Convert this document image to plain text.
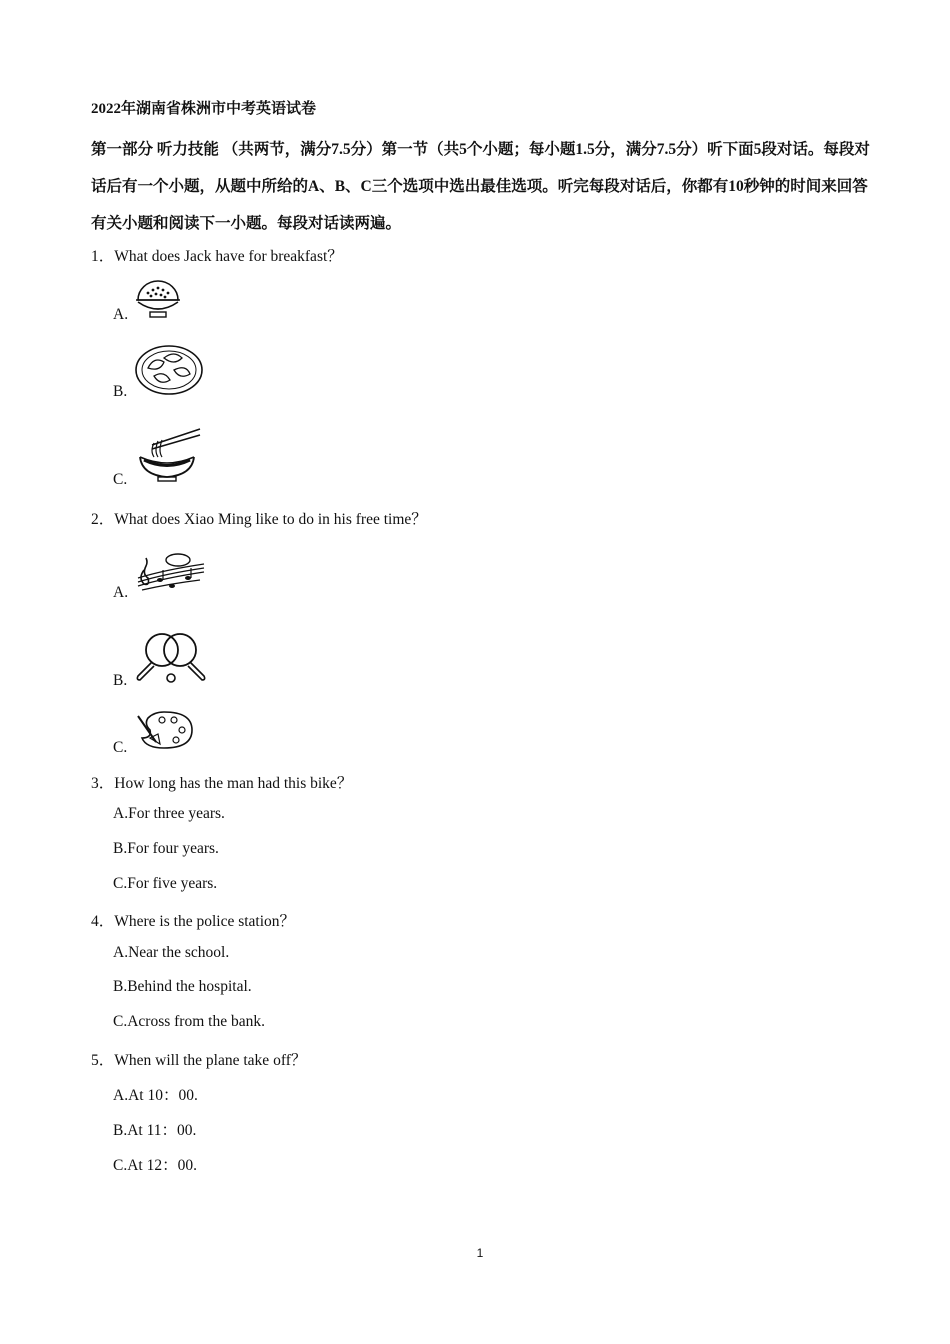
2022年湖南省株洲市中考英语试卷
第一部分 听力技能 （共两节，满分7.5分）第一节（共5个小题；每小题1.5分，满分7.5分）听下面5段对话。每段对话后有一个小题，从题中所给的A、B、C三个选项中选出最佳选项。听完每段对话后，你都有10秒钟的时间来回答有关小题和阅读下一小题。每段对话读两遍。
1．What does Jack have for breakfast？
A.
B.
C.
2．What does Xiao Ming like to do in his free time？
A.
B.
C.
3．How long has the man had this bike？
A.For three years.
B.For four years.
C.For five years.
4．Where is the police station？
A.Near the school.
B.Behind the hospital.
C.Across from the bank.
5．When will the plane take off？
A.At 10：00.
B.At 11：00.
C.At 12：00.
1
